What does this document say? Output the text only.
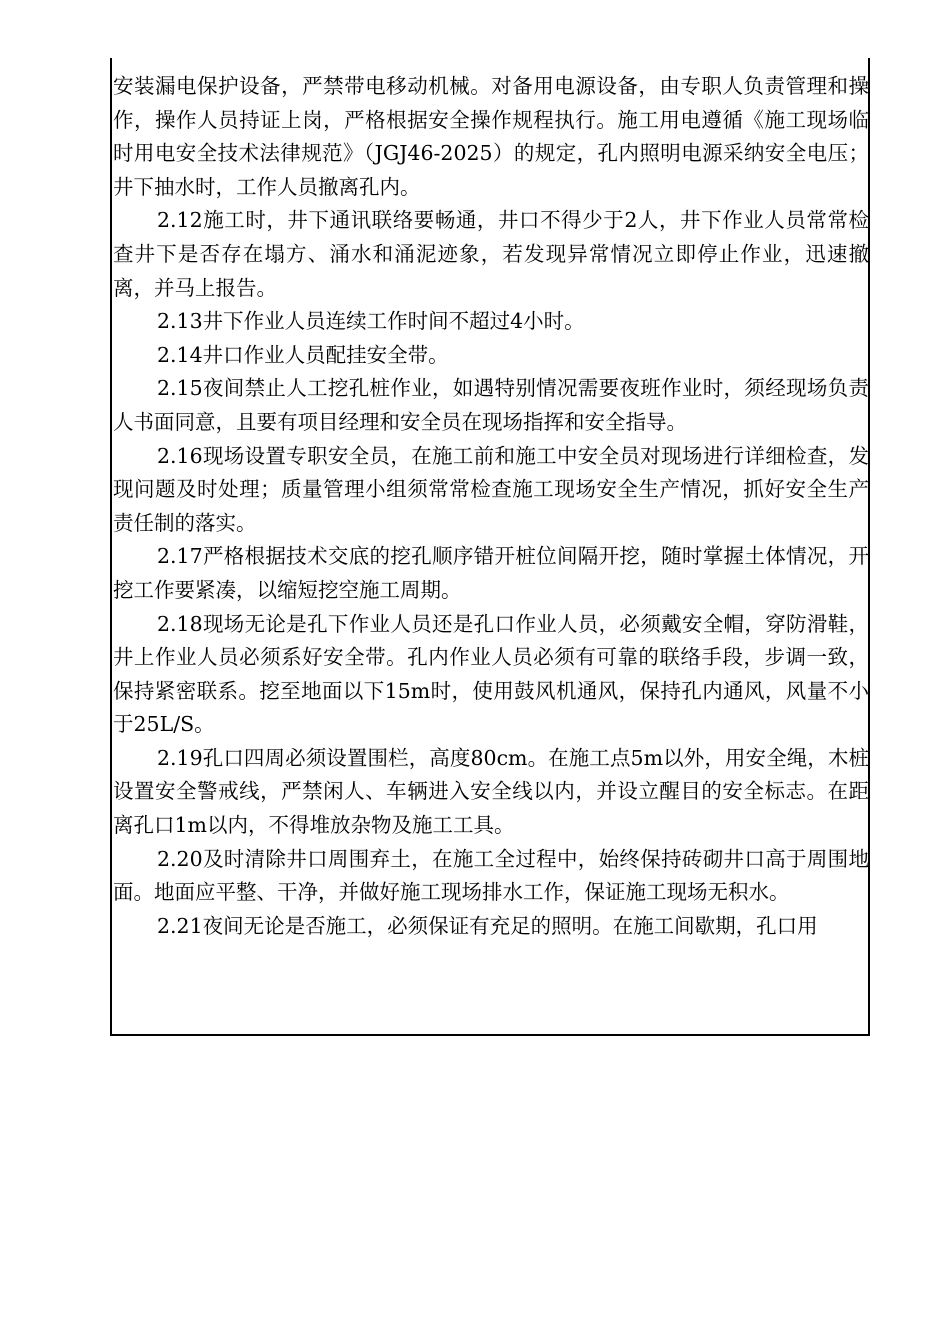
安装漏电保护设备，严禁带电移动机械。对备用电源设备，由专职人负责管理和操作，操作人员持证上岗，严格根据安全操作规程执行。施工用电遵循《施工现场临时用电安全技术法律规范》（JGJ46-2025）的规定，孔内照明电源采纳安全电压；井下抽水时，工作人员撤离孔内。

2.12施工时，井下通讯联络要畅通，井口不得少于2人，井下作业人员常常检查井下是否存在塌方、涌水和涌泥迹象，若发现异常情况立即停止作业，迅速撤离，并马上报告。

2.13井下作业人员连续工作时间不超过4小时。

2.14井口作业人员配挂安全带。

2.15夜间禁止人工挖孔桩作业，如遇特别情况需要夜班作业时，须经现场负责人书面同意，且要有项目经理和安全员在现场指挥和安全指导。

2.16现场设置专职安全员，在施工前和施工中安全员对现场进行详细检查，发现问题及时处理；质量管理小组须常常检查施工现场安全生产情况，抓好安全生产责任制的落实。

2.17严格根据技术交底的挖孔顺序错开桩位间隔开挖，随时掌握土体情况，开挖工作要紧凑，以缩短挖空施工周期。

2.18现场无论是孔下作业人员还是孔口作业人员，必须戴安全帽，穿防滑鞋，井上作业人员必须系好安全带。孔内作业人员必须有可靠的联络手段，步调一致，保持紧密联系。挖至地面以下15m时，使用鼓风机通风，保持孔内通风，风量不小于25L/S。

2.19孔口四周必须设置围栏，高度80cm。在施工点5m以外，用安全绳，木桩设置安全警戒线，严禁闲人、车辆进入安全线以内，并设立醒目的安全标志。在距离孔口1m以内，不得堆放杂物及施工工具。

2.20及时清除井口周围弃土，在施工全过程中，始终保持砖砌井口高于周围地面。地面应平整、干净，并做好施工现场排水工作，保证施工现场无积水。

2.21夜间无论是否施工，必须保证有充足的照明。在施工间歇期，孔口用
